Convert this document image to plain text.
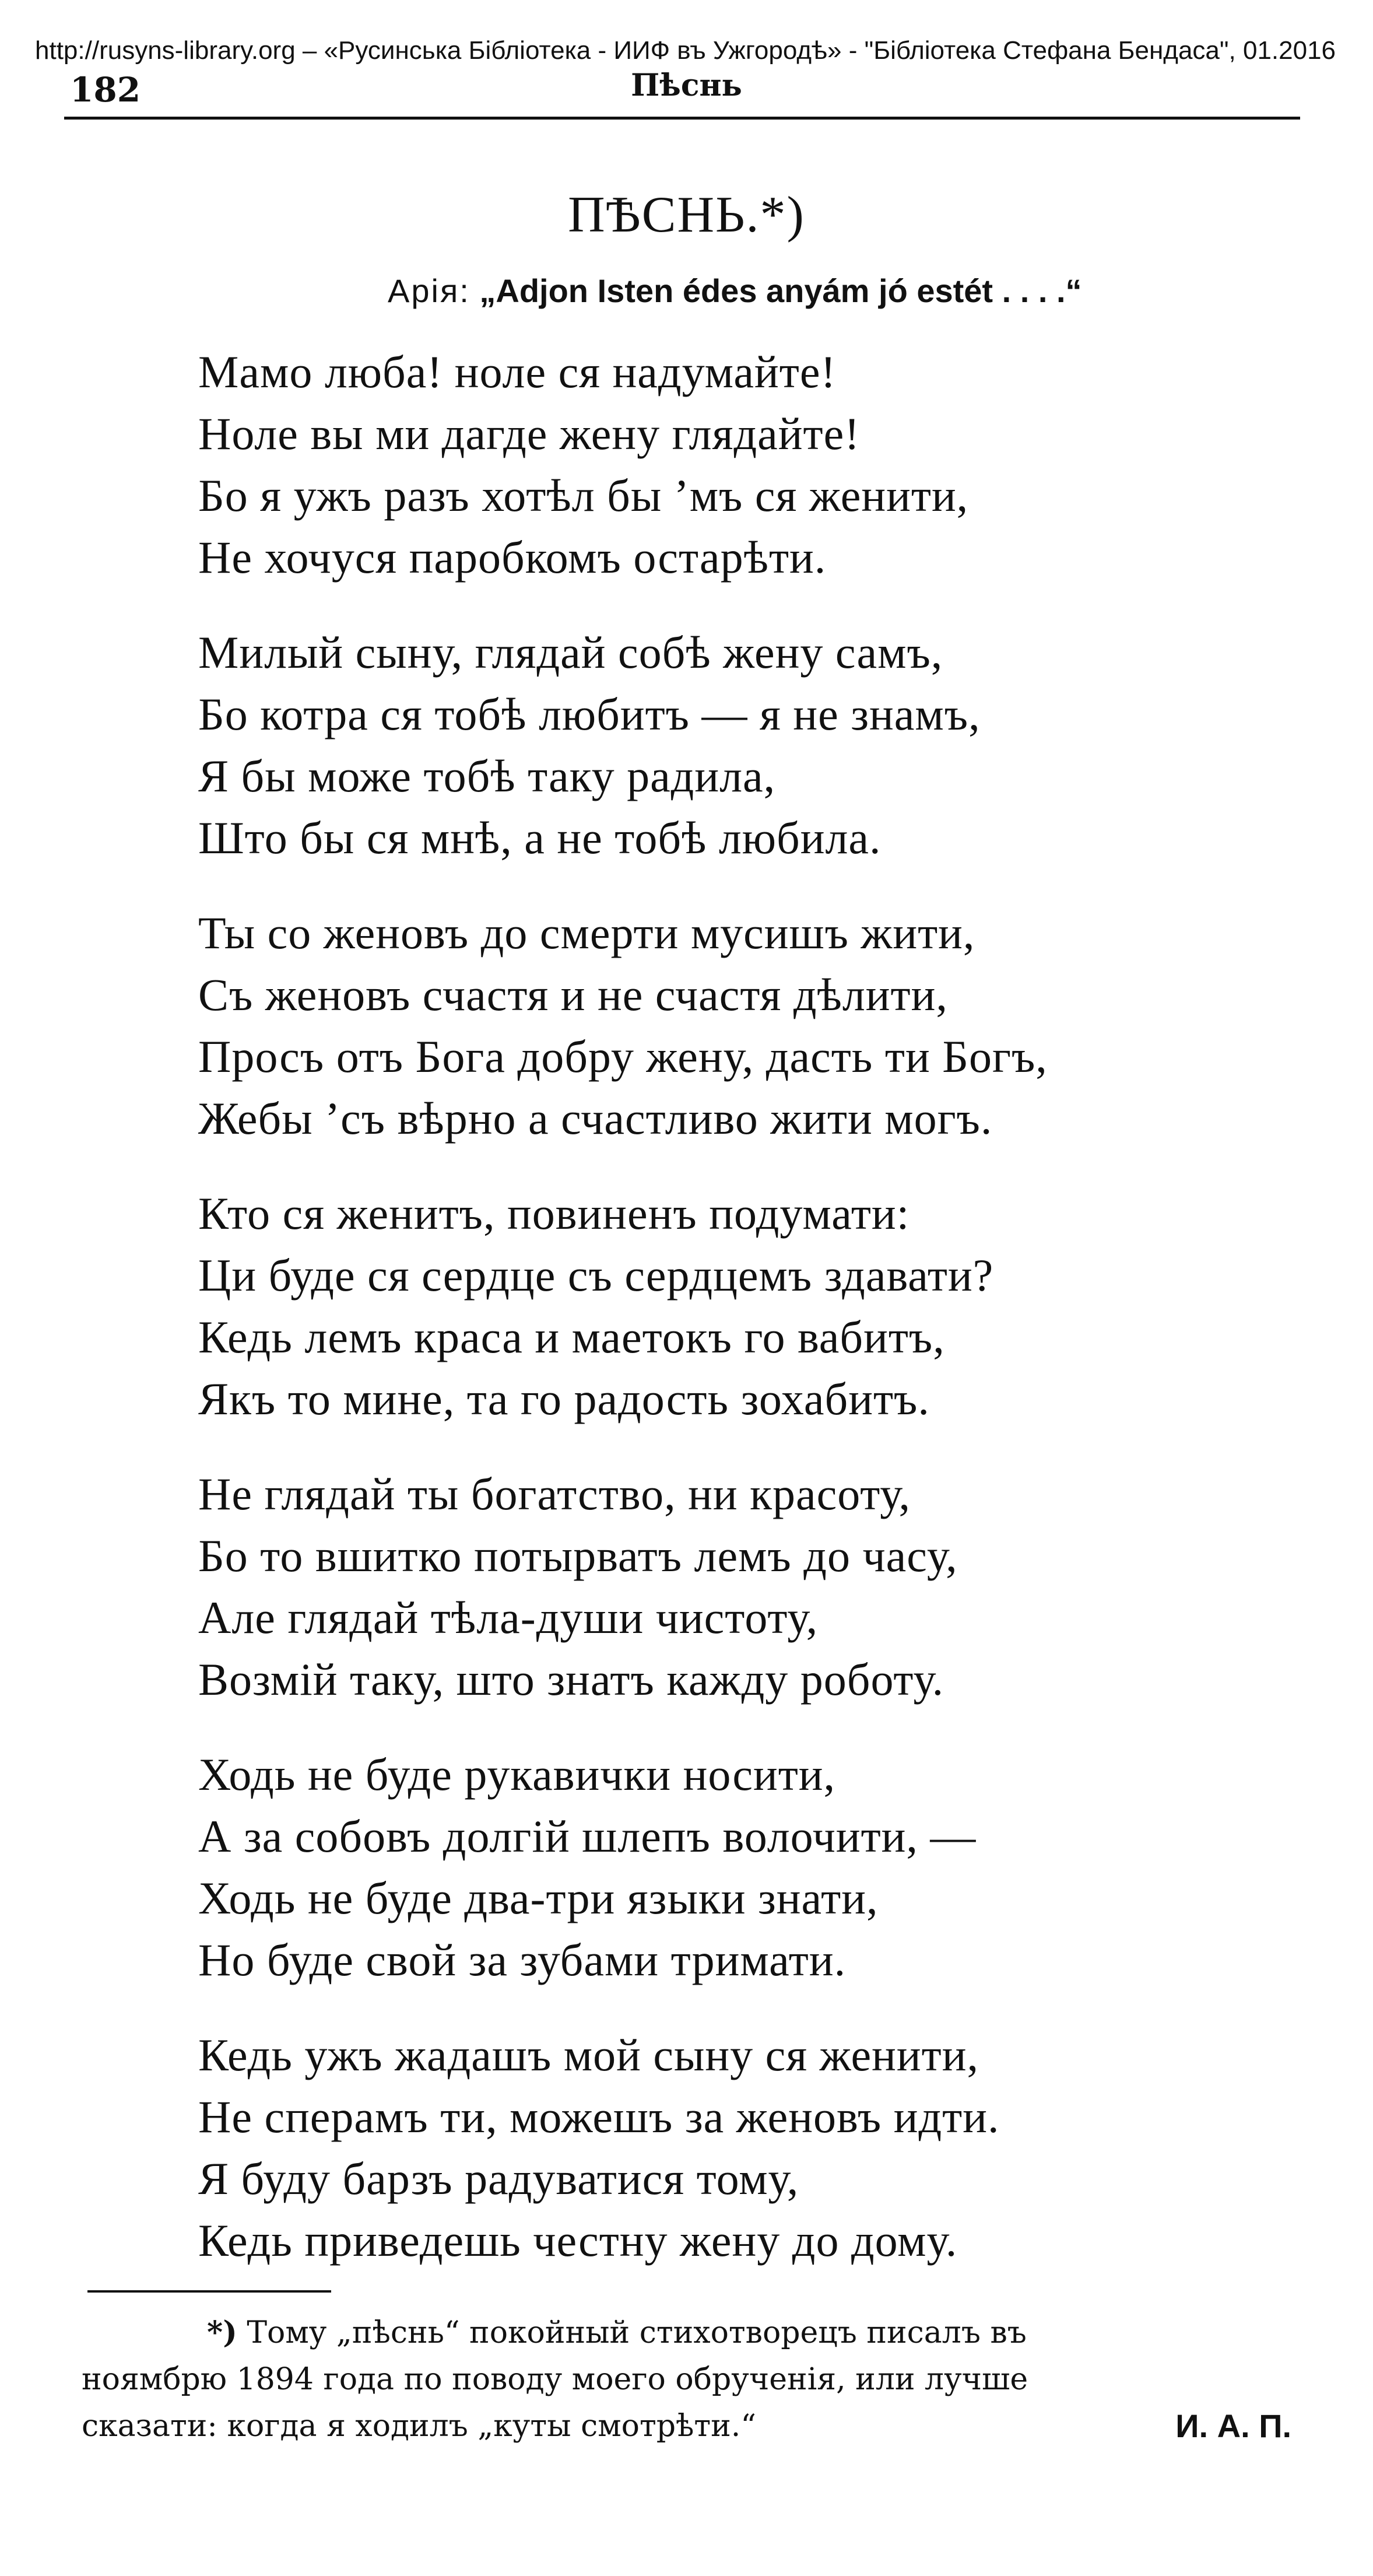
http://rusyns-library.org – «Русинська Бібліотека - ИИФ въ Ужгородѣ» - "Бібліотека Стефана Бендаса", 01.2016
182	Пѣснь
ПѢСНЬ.*)
Арія: „Adjon Isten édes anyám jó estét . . . .“
Мамо люба! ноле ся надумайте!
Ноле вы ми дагде жену глядайте!
Бо я ужъ разъ хотѣл бы ’мъ ся женити,
Не хочуся паробкомъ остарѣти.
Милый сыну, глядай собѣ жену самъ,
Бо котра ся тобѣ любитъ — я не знамъ,
Я бы може тобѣ таку радила,
Што бы ся мнѣ, а не тобѣ любила.
Ты со женовъ до смерти мусишъ жити,
Съ женовъ счастя и не счастя дѣлити,
Просъ отъ Бога добру жену, дасть ти Богъ,
Жебы ’съ вѣрно а счастливо жити могъ.
Кто ся женитъ, повиненъ подумати:
Ци буде ся сердце съ сердцемъ здавати?
Кедь лемъ краса и маетокъ го вабитъ,
Якъ то мине, та го радость зохабитъ.
Не глядай ты богатство, ни красоту,
Бо то вшитко потырватъ лемъ до часу,
Але глядай тѣла-души чистоту,
Возмій таку, што знатъ кажду роботу.
Ходь не буде рукавички носити,
А за собовъ долгій шлепъ волочити, —
Ходь не буде два-три языки знати,
Но буде свой за зубами тримати.
Кедь ужъ жадашъ мой сыну ся женити,
Не сперамъ ти, можешъ за женовъ идти.
Я буду барзъ радуватися тому,
Кедь приведешь честну жену до дому.
*) Тому „пѣснь“ покойный стихотворецъ писалъ въ
ноямбрю 1894 года по поводу моего обрученія, или лучше
сказати: когда я ходилъ „куты смотрѣти.“	И. А. П.
